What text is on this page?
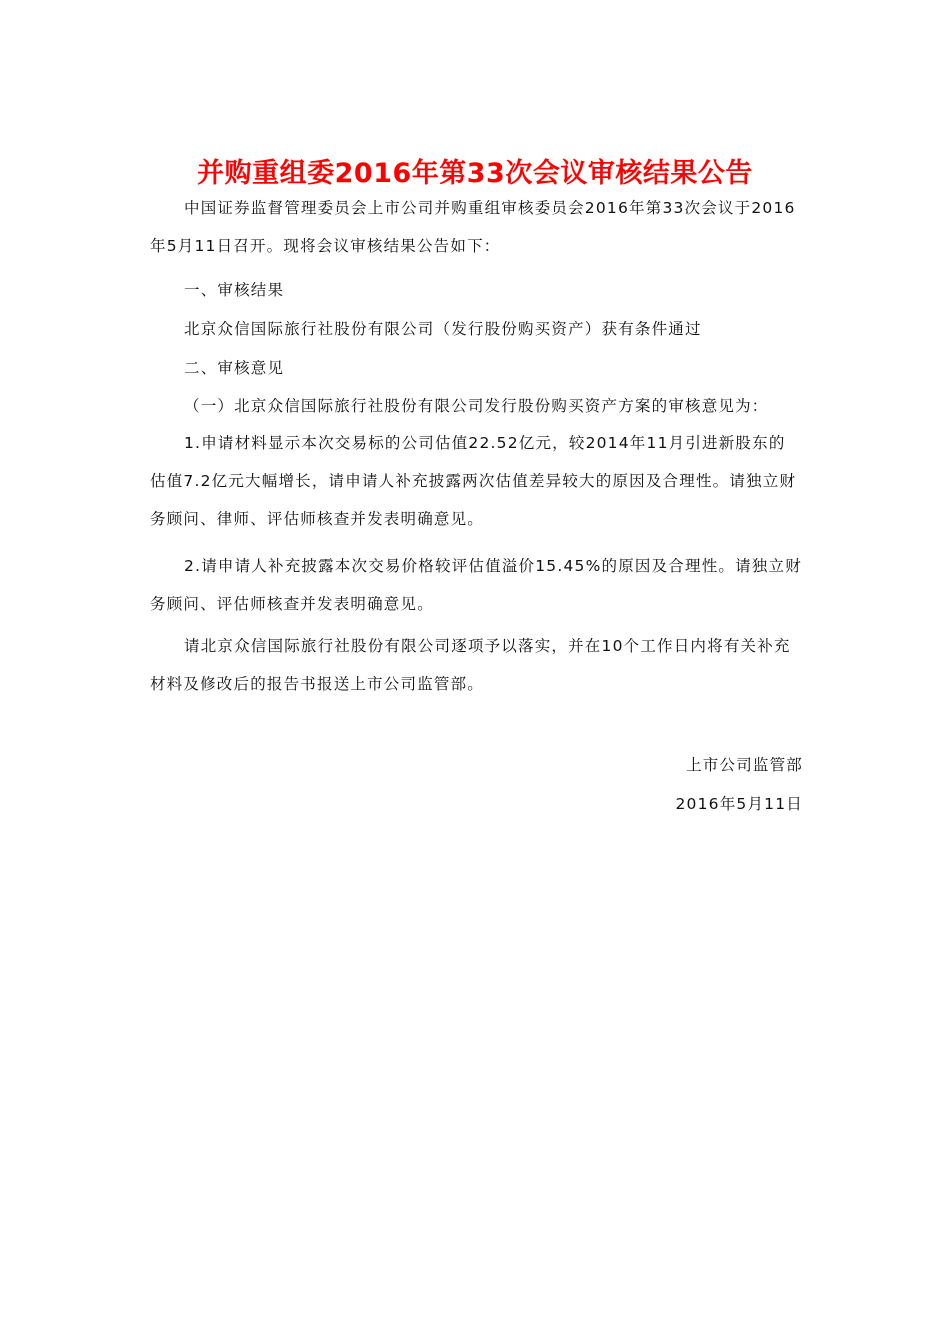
并购重组委2016年第33次会议审核结果公告

中国证券监督管理委员会上市公司并购重组审核委员会2016年第33次会议于2016年5月11日召开。现将会议审核结果公告如下：

一、审核结果
北京众信国际旅行社股份有限公司（发行股份购买资产）获有条件通过
二、审核意见
（一）北京众信国际旅行社股份有限公司发行股份购买资产方案的审核意见为：

1.申请材料显示本次交易标的公司估值22.52亿元，较2014年11月引进新股东的估值7.2亿元大幅增长，请申请人补充披露两次估值差异较大的原因及合理性。请独立财务顾问、律师、评估师核查并发表明确意见。

2.请申请人补充披露本次交易价格较评估值溢价15.45%的原因及合理性。请独立财务顾问、评估师核查并发表明确意见。

请北京众信国际旅行社股份有限公司逐项予以落实，并在10个工作日内将有关补充材料及修改后的报告书报送上市公司监管部。

上市公司监管部
2016年5月11日
